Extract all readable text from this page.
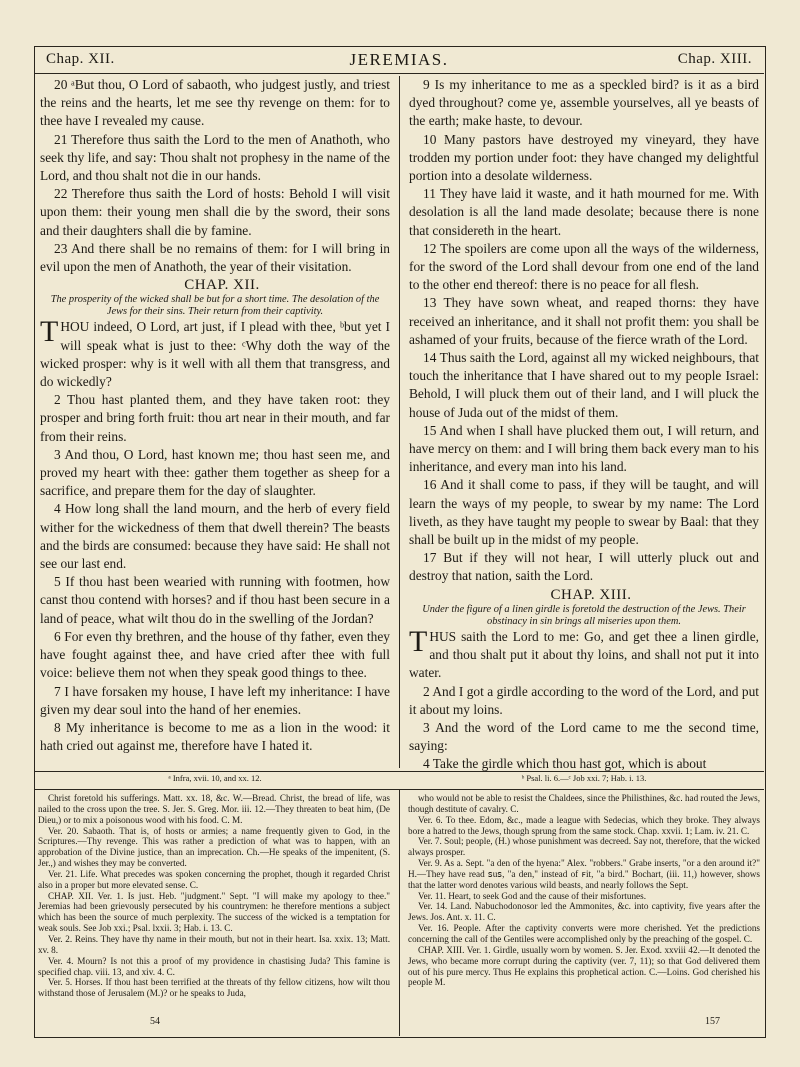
Chap. XII.	JEREMIAS.	Chap. XIII.

20 ᵃBut thou, O Lord of sabaoth, who judgest justly, and triest the reins and the hearts, let me see thy revenge on them: for to thee have I revealed my cause.

21 Therefore thus saith the Lord to the men of Anathoth, who seek thy life, and say: Thou shalt not prophesy in the name of the Lord, and thou shalt not die in our hands.

22 Therefore thus saith the Lord of hosts: Behold I will visit upon them: their young men shall die by the sword, their sons and their daughters shall die by famine.

23 And there shall be no remains of them: for I will bring in evil upon the men of Anathoth, the year of their visitation.

CHAP. XII.

The prosperity of the wicked shall be but for a short time. The desolation of the Jews for their sins. Their return from their captivity.

THOU indeed, O Lord, art just, if I plead with thee, ᵇbut yet I will speak what is just to thee: ᶜWhy doth the way of the wicked prosper: why is it well with all them that transgress, and do wickedly?

2 Thou hast planted them, and they have taken root: they prosper and bring forth fruit: thou art near in their mouth, and far from their reins.

3 And thou, O Lord, hast known me; thou hast seen me, and proved my heart with thee: gather them together as sheep for a sacrifice, and prepare them for the day of slaughter.

4 How long shall the land mourn, and the herb of every field wither for the wickedness of them that dwell therein? The beasts and the birds are consumed: because they have said: He shall not see our last end.

5 If thou hast been wearied with running with footmen, how canst thou contend with horses? and if thou hast been secure in a land of peace, what wilt thou do in the swelling of the Jordan?

6 For even thy brethren, and the house of thy father, even they have fought against thee, and have cried after thee with full voice: believe them not when they speak good things to thee.

7 I have forsaken my house, I have left my inheritance: I have given my dear soul into the hand of her enemies.

8 My inheritance is become to me as a lion in the wood: it hath cried out against me, therefore have I hated it.

9 Is my inheritance to me as a speckled bird? is it as a bird dyed throughout? come ye, assemble yourselves, all ye beasts of the earth; make haste, to devour.

10 Many pastors have destroyed my vineyard, they have trodden my portion under foot: they have changed my delightful portion into a desolate wilderness.

11 They have laid it waste, and it hath mourned for me. With desolation is all the land made desolate; because there is none that considereth in the heart.

12 The spoilers are come upon all the ways of the wilderness, for the sword of the Lord shall devour from one end of the land to the other end thereof: there is no peace for all flesh.

13 They have sown wheat, and reaped thorns: they have received an inheritance, and it shall not profit them: you shall be ashamed of your fruits, because of the fierce wrath of the Lord.

14 Thus saith the Lord, against all my wicked neighbours, that touch the inheritance that I have shared out to my people Israel: Behold, I will pluck them out of their land, and I will pluck the house of Juda out of the midst of them.

15 And when I shall have plucked them out, I will return, and have mercy on them: and I will bring them back every man to his inheritance, and every man into his land.

16 And it shall come to pass, if they will be taught, and will learn the ways of my people, to swear by my name: The Lord liveth, as they have taught my people to swear by Baal: that they shall be built up in the midst of my people.

17 But if they will not hear, I will utterly pluck out and destroy that nation, saith the Lord.

CHAP. XIII.

Under the figure of a linen girdle is foretold the destruction of the Jews. Their obstinacy in sin brings all miseries upon them.

THUS saith the Lord to me: Go, and get thee a linen girdle, and thou shalt put it about thy loins, and shall not put it into water.

2 And I got a girdle according to the word of the Lord, and put it about my loins.

3 And the word of the Lord came to me the second time, saying:

4 Take the girdle which thou hast got, which is about

ᵃ Infra, xvii. 10, and xx. 12.	ᵇ Psal. li. 6.—ᶜ Job xxi. 7; Hab. i. 13.

Christ foretold his sufferings. Matt. xx. 18, &c. W.—Bread. Christ, the bread of life, was nailed to the cross upon the tree. S. Jer. S. Greg. Mor. iii. 12.—They threaten to beat him, (De Dieu,) or to mix a poisonous wood with his food. C. M.

Ver. 20. Sabaoth. That is, of hosts or armies; a name frequently given to God, in the Scriptures.—Thy revenge. This was rather a prediction of what was to happen, with an approbation of the Divine justice, than an imprecation. Ch.—He speaks of the impenitent, (S. Jer.,) and wishes they may be converted.

Ver. 21. Life. What precedes was spoken concerning the prophet, though it regarded Christ also in a proper but more elevated sense. C.

CHAP. XII. Ver. 1. Is just. Heb. "judgment." Sept. "I will make my apology to thee." Jeremias had been grievously persecuted by his countrymen: he therefore mentions a subject which has been the source of much perplexity. The success of the wicked is a temptation for weak souls. See Job xxi.; Psal. lxxii. 3; Hab. i. 13. C.

Ver. 2. Reins. They have thy name in their mouth, but not in their heart. Isa. xxix. 13; Matt. xv. 8.

Ver. 4. Mourn? Is not this a proof of my providence in chastising Juda? This famine is specified chap. viii. 13, and xiv. 4. C.

Ver. 5. Horses. If thou hast been terrified at the threats of thy fellow citizens, how wilt thou withstand those of Jerusalem (M.)? or he speaks to Juda,

who would not be able to resist the Chaldees, since the Philisthines, &c. had routed the Jews, though destitute of cavalry. C.

Ver. 6. To thee. Edom, &c., made a league with Sedecias, which they broke. They always bore a hatred to the Jews, though sprung from the same stock. Chap. xxvii. 1; Lam. iv. 21. C.

Ver. 7. Soul; people, (H.) whose punishment was decreed. Say not, therefore, that the wicked always prosper.

Ver. 9. As a. Sept. "a den of the hyena:" Alex. "robbers." Grabe inserts, "or a den around it?" H.—They have read ꜱuꜱ, "a den," instead of ꜰit, "a bird." Bochart, (iii. 11,) however, shows that the latter word denotes various wild beasts, and nearly follows the Sept.

Ver. 11. Heart, to seek God and the cause of their misfortunes.

Ver. 14. Land. Nabuchodonosor led the Ammonites, &c. into captivity, five years after the Jews. Jos. Ant. x. 11. C.

Ver. 16. People. After the captivity converts were more cherished. Yet the predictions concerning the call of the Gentiles were accomplished only by the preaching of the gospel. C.

CHAP. XIII. Ver. 1. Girdle, usually worn by women. S. Jer. Exod. xxviii 42.—It denoted the Jews, who became more corrupt during the captivity (ver. 7, 11); so that God delivered them out of his pure mercy. Thus He explains this prophetical action. C.—Loins. God cherished his people M.

54	157
